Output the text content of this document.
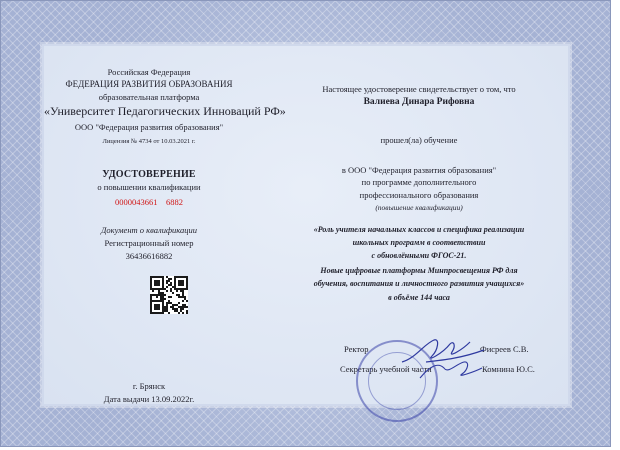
Российская Федерация
ФЕДЕРАЦИЯ РАЗВИТИЯ ОБРАЗОВАНИЯ
образовательная платформа
«Университет Педагогических Инноваций РФ»
ООО "Федерация развития образования"
Лицензия № 4734 от 10.03.2021 г.
УДОСТОВЕРЕНИЕ
о повышении квалификации
0000043661    6882
Документ о квалификации
Регистрационный номер
36436616882
г. Брянск
Дата выдачи 13.09.2022г.
Настоящее удостоверение свидетельствует о том, что
Валиева Динара Рифовна
прошел(ла) обучение
в ООО "Федерация развития образования"
по программе дополнительного
профессионального образования
(повышение квалификации)
«Роль учителя начальных классов и специфика реализации
школьных программ в соответствии
с обновлёнными ФГОС-21.
Новые цифровые платформы Минпросвещения РФ для
обучения, воспитания и личностного развития учащихся»
в объёме 144 часа
Ректор	Фисреев С.В.
Секретарь учебной части	Комнина Ю.С.
